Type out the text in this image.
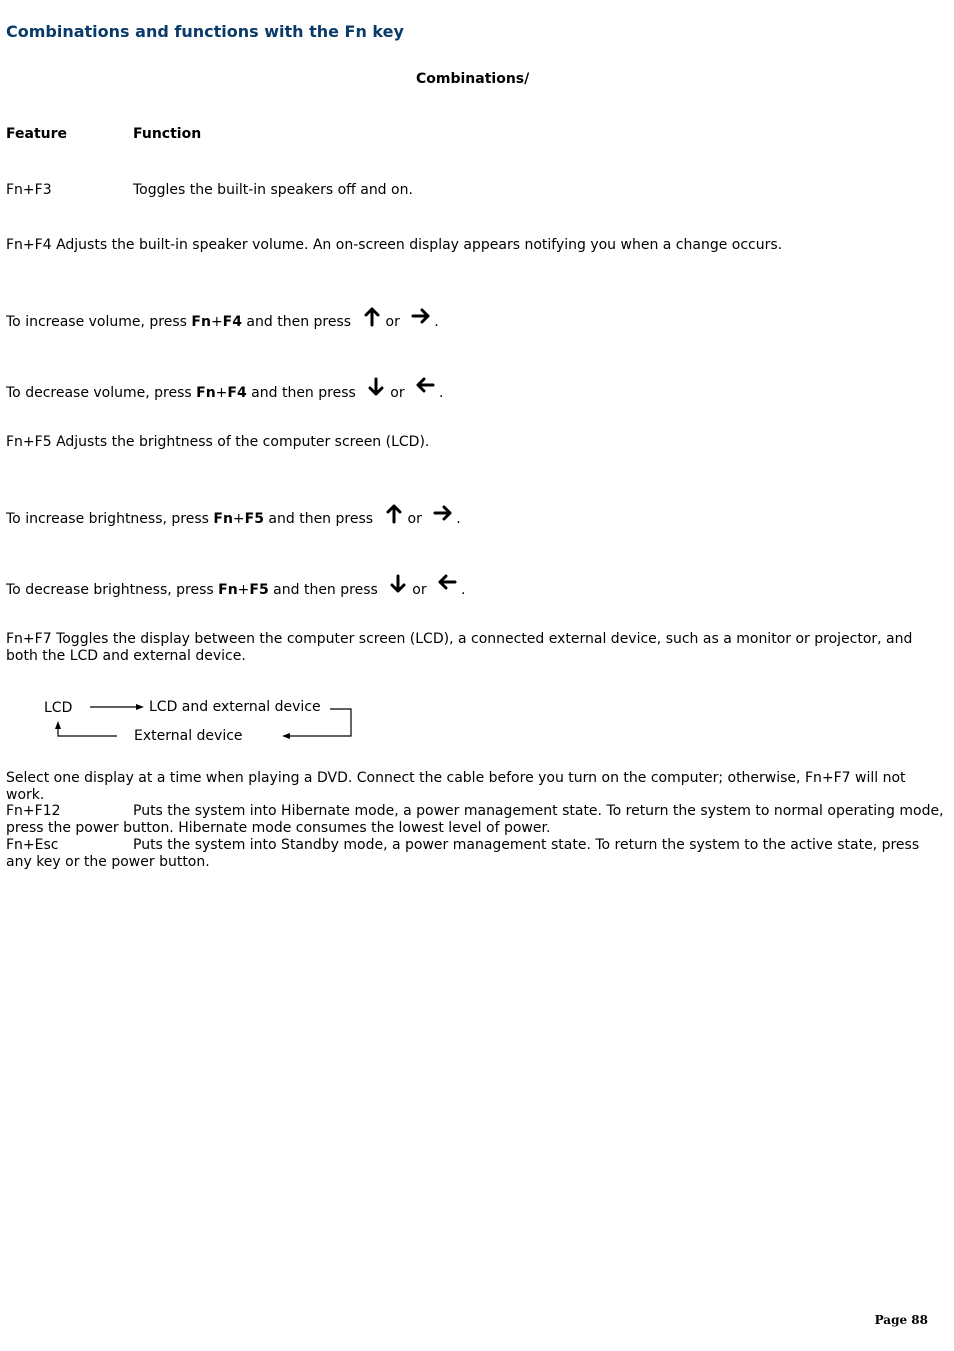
Combinations and functions with the Fn key
Combinations/
Feature	Function
Fn+F3	Toggles the built-in speakers off and on.
Fn+F4 Adjusts the built-in speaker volume. An on-screen display appears notifying you when a change occurs.
To increase volume, press Fn+F4 and then press
or .
To decrease volume, press Fn+F4 and then press
or .
Fn+F5 Adjusts the brightness of the computer screen (LCD).
To increase brightness, press Fn+F5 and then press
or .
To decrease brightness, press Fn+F5 and then press
or .
Fn+F7 Toggles the display between the computer screen (LCD), a connected external device, such as a monitor or projector, and both the LCD and external device.
LCD	LCD and external device
External device
Select one display at a time when playing a DVD. Connect the cable before you turn on the computer; otherwise, Fn+F7 will not work.
Fn+F12	Puts the system into Hibernate mode, a power management state. To return the system to normal operating mode, press the power button. Hibernate mode consumes the lowest level of power.
Fn+Esc	Puts the system into Standby mode, a power management state. To return the system to the active state, press any key or the power button.
Page 88
